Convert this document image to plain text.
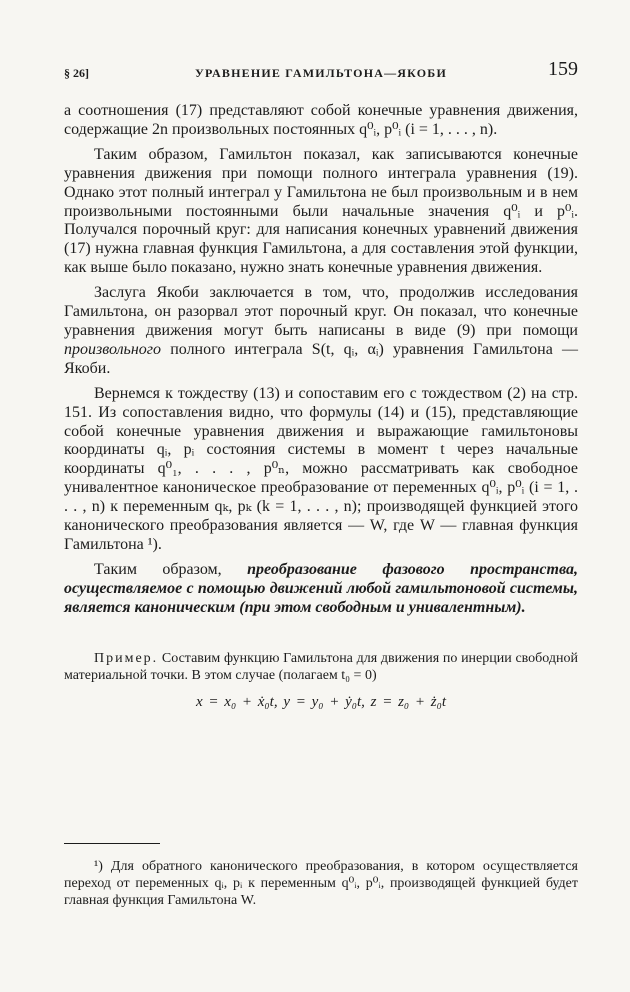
§ 26]	УРАВНЕНИЕ ГАМИЛЬТОНА—ЯКОБИ	159

а соотношения (17) представляют собой конечные уравнения движения, содержащие 2n произвольных постоянных q⁰ᵢ, p⁰ᵢ (i = 1, . . . , n).

Таким образом, Гамильтон показал, как записываются конечные уравнения движения при помощи полного интеграла уравнения (19). Однако этот полный интеграл у Гамильтона не был произвольным и в нем произвольными постоянными были начальные значения q⁰ᵢ и p⁰ᵢ. Получался порочный круг: для написания конечных уравнений движения (17) нужна главная функция Гамильтона, а для составления этой функции, как выше было показано, нужно знать конечные уравнения движения.

Заслуга Якоби заключается в том, что, продолжив исследования Гамильтона, он разорвал этот порочный круг. Он показал, что конечные уравнения движения могут быть написаны в виде (9) при помощи произвольного полного интеграла S(t, qᵢ, αᵢ) уравнения Гамильтона — Якоби.

Вернемся к тождеству (13) и сопоставим его с тождеством (2) на стр. 151. Из сопоставления видно, что формулы (14) и (15), представляющие собой конечные уравнения движения и выражающие гамильтоновы координаты qᵢ, pᵢ состояния системы в момент t через начальные координаты q⁰₁, . . . , p⁰ₙ, можно рассматривать как свободное унивалентное каноническое преобразование от переменных q⁰ᵢ, p⁰ᵢ (i = 1, . . . , n) к переменным qₖ, pₖ (k = 1, . . . , n); производящей функцией этого канонического преобразования является — W, где W — главная функция Гамильтона ¹).

Таким образом, преобразование фазового пространства, осуществляемое с помощью движений любой гамильтоновой системы, является каноническим (при этом свободным и унивалентным).

Пример. Составим функцию Гамильтона для движения по инерции свободной материальной точки. В этом случае (полагаем t₀ = 0)
x = x₀ + ẋ₀t, y = y₀ + ẏ₀t, z = z₀ + ż₀t
¹) Для обратного канонического преобразования, в котором осуществляется переход от переменных qᵢ, pᵢ к переменным q⁰ᵢ, p⁰ᵢ, производящей функцией будет главная функция Гамильтона W.
